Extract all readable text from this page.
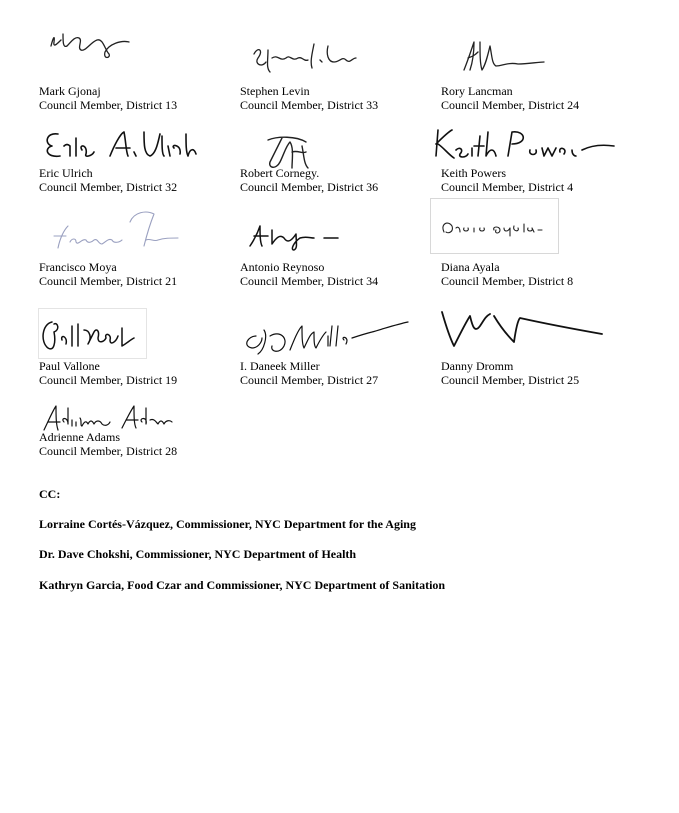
Mark Gjonaj
Council Member, District 13
Stephen Levin
Council Member, District 33
Rory Lancman
Council Member, District 24
Eric Ulrich
Council Member, District 32
Robert Cornegy.
Council Member, District 36
Keith Powers
Council Member, District 4
Francisco Moya
Council Member, District 21
Antonio Reynoso
Council Member, District 34
Diana Ayala
Council Member, District 8
Paul Vallone
Council Member, District 19
I. Daneek Miller
Council Member, District 27
Danny Dromm
Council Member, District 25
Adrienne Adams
Council Member, District 28
CC:
Lorraine Cortés-Vázquez, Commissioner, NYC Department for the Aging
Dr. Dave Chokshi, Commissioner, NYC Department of Health
Kathryn Garcia, Food Czar and Commissioner, NYC Department of Sanitation
